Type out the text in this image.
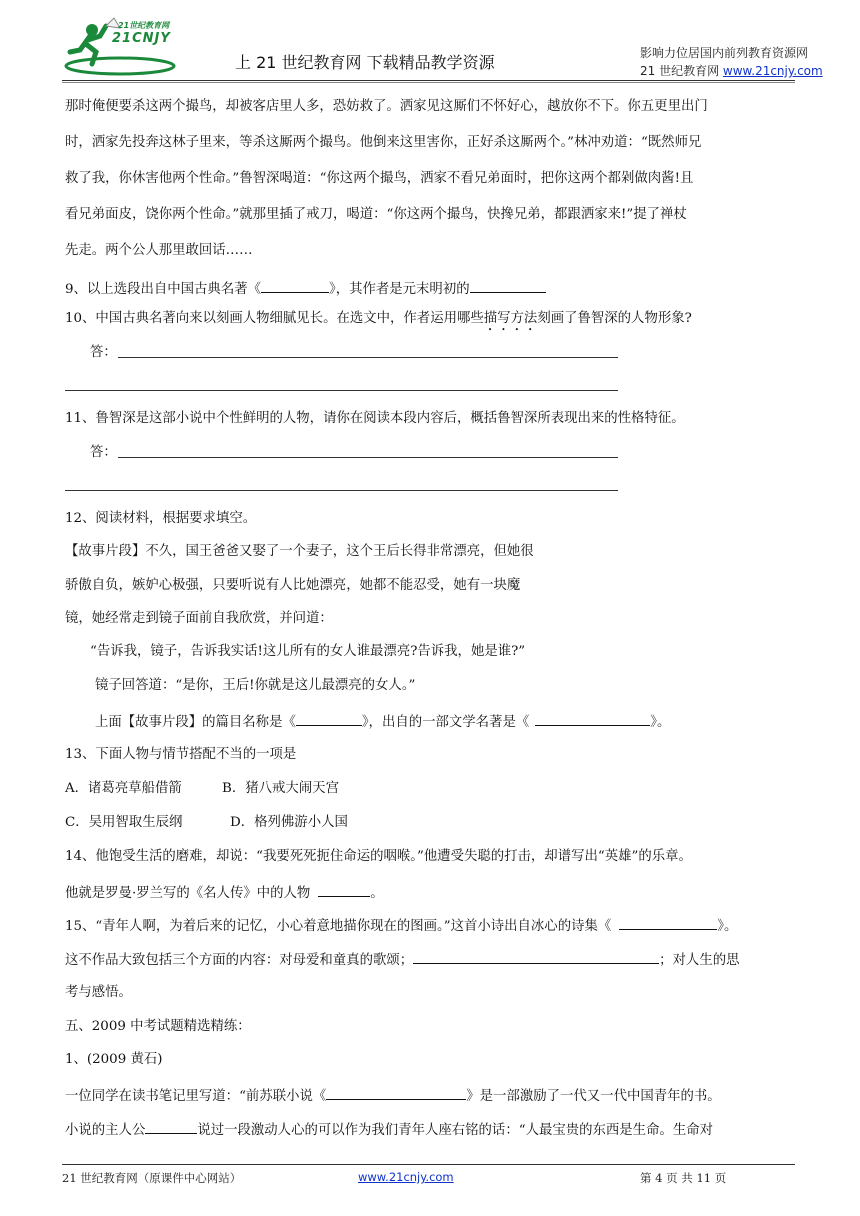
21世纪教育网
21CNJY
上 21 世纪教育网 下载精品教学资源	影响力位居国内前列教育资源网
21 世纪教育网 www.21cnjy.com
那时俺便要杀这两个撮鸟，却被客店里人多，恐妨救了。洒家见这厮们不怀好心，越放你不下。你五更里出门
时，洒家先投奔这林子里来，等杀这厮两个撮鸟。他倒来这里害你，正好杀这厮两个。”林冲劝道：“既然师兄
救了我，你休害他两个性命。”鲁智深喝道：“你这两个撮鸟，洒家不看兄弟面时，把你这两个都剁做肉酱!且
看兄弟面皮，饶你两个性命。”就那里插了戒刀，喝道：“你这两个撮鸟，快搀兄弟，都跟洒家来!”提了禅杖
先走。两个公人那里敢回话……
9、以上选段出自中国古典名著《	》，其作者是元末明初的
10、中国古典名著向来以刻画人物细腻见长。在选文中，作者运用哪些描写方法刻画了鲁智深的人物形象?
答：
11、鲁智深是这部小说中个性鲜明的人物，请你在阅读本段内容后，概括鲁智深所表现出来的性格特征。
答：
12、阅读材料，根据要求填空。
【故事片段】不久，国王爸爸又娶了一个妻子，这个王后长得非常漂亮，但她很
骄傲自负，嫉妒心极强，只要听说有人比她漂亮，她都不能忍受，她有一块魔
镜，她经常走到镜子面前自我欣赏，并问道：
“告诉我，镜子，告诉我实话!这儿所有的女人谁最漂亮?告诉我，她是谁?”
镜子回答道：“是你，王后!你就是这儿最漂亮的女人。”
上面【故事片段】的篇目名称是《	》，出自的一部文学名著是《	》。
13、下面人物与情节搭配不当的一项是
A．诸葛亮草船借箭	B．猪八戒大闹天宫
C．吴用智取生辰纲	D．格列佛游小人国
14、他饱受生活的磨难，却说：“我要死死扼住命运的咽喉。”他遭受失聪的打击，却谱写出“英雄”的乐章。
他就是罗曼·罗兰写的《名人传》中的人物	。
15、“青年人啊，为着后来的记忆，小心着意地描你现在的图画。”这首小诗出自冰心的诗集《	》。
这不作品大致包括三个方面的内容：对母爱和童真的歌颂；	；对人生的思
考与感悟。
五、2009 中考试题精选精练：
1、(2009 黄石)
一位同学在读书笔记里写道：“前苏联小说《	》是一部激励了一代又一代中国青年的书。
小说的主人公	说过一段激动人心的可以作为我们青年人座右铭的话：“人最宝贵的东西是生命。生命对
21 世纪教育网（原课件中心网站）	www.21cnjy.com	第 4 页 共 11 页
